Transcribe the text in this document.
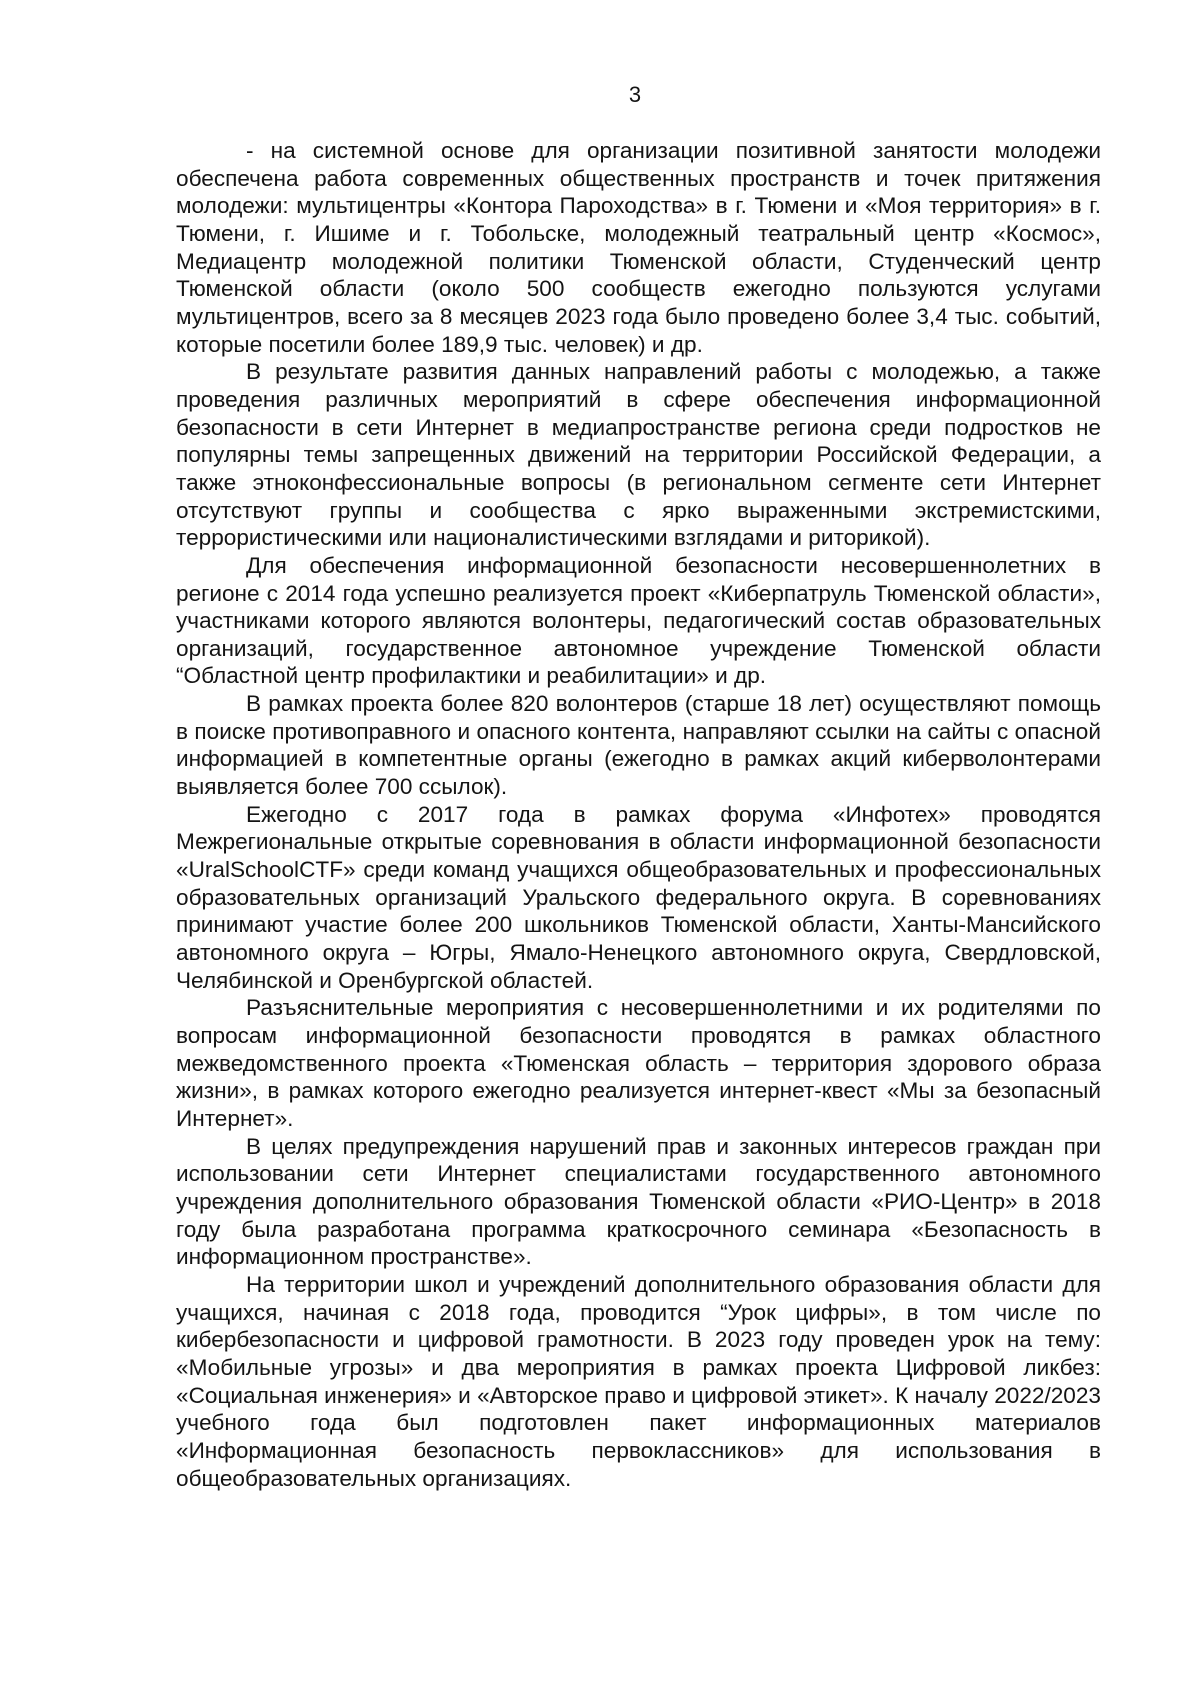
3

- на системной основе для организации позитивной занятости молодежи обеспечена работа современных общественных пространств и точек притяжения молодежи: мультицентры «Контора Пароходства» в г. Тюмени и «Моя территория» в г. Тюмени, г. Ишиме и г. Тобольске, молодежный театральный центр «Космос», Медиацентр молодежной политики Тюменской области, Студенческий центр Тюменской области (около 500 сообществ ежегодно пользуются услугами мультицентров, всего за 8 месяцев 2023 года было проведено более 3,4 тыс. событий, которые посетили более 189,9 тыс. человек) и др.

В результате развития данных направлений работы с молодежью, а также проведения различных мероприятий в сфере обеспечения информационной безопасности в сети Интернет в медиапространстве региона среди подростков не популярны темы запрещенных движений на территории Российской Федерации, а также этноконфессиональные вопросы (в региональном сегменте сети Интернет отсутствуют группы и сообщества с ярко выраженными экстремистскими, террористическими или националистическими взглядами и риторикой).

Для обеспечения информационной безопасности несовершеннолетних в регионе с 2014 года успешно реализуется проект «Киберпатруль Тюменской области», участниками которого являются волонтеры, педагогический состав образовательных организаций, государственное автономное учреждение Тюменской области “Областной центр профилактики и реабилитации» и др.

В рамках проекта более 820 волонтеров (старше 18 лет) осуществляют помощь в поиске противоправного и опасного контента, направляют ссылки на сайты с опасной информацией в компетентные органы (ежегодно в рамках акций киберволонтерами выявляется более 700 ссылок).

Ежегодно с 2017 года в рамках форума «Инфотех» проводятся Межрегиональные открытые соревнования в области информационной безопасности «UralSchoolCTF» среди команд учащихся общеобразовательных и профессиональных образовательных организаций Уральского федерального округа. В соревнованиях принимают участие более 200 школьников Тюменской области, Ханты-Мансийского автономного округа – Югры, Ямало-Ненецкого автономного округа, Свердловской, Челябинской и Оренбургской областей.

Разъяснительные мероприятия с несовершеннолетними и их родителями по вопросам информационной безопасности проводятся в рамках областного межведомственного проекта «Тюменская область – территория здорового образа жизни», в рамках которого ежегодно реализуется интернет-квест «Мы за безопасный Интернет».

В целях предупреждения нарушений прав и законных интересов граждан при использовании сети Интернет специалистами государственного автономного учреждения дополнительного образования Тюменской области «РИО-Центр» в 2018 году была разработана программа краткосрочного семинара «Безопасность в информационном пространстве».

На территории школ и учреждений дополнительного образования области для учащихся, начиная с 2018 года, проводится “Урок цифры», в том числе по кибербезопасности и цифровой грамотности. В 2023 году проведен урок на тему: «Мобильные угрозы» и два мероприятия в рамках проекта Цифровой ликбез: «Социальная инженерия» и «Авторское право и цифровой этикет». К началу 2022/2023 учебного года был подготовлен пакет информационных материалов «Информационная безопасность первоклассников» для использования в общеобразовательных организациях.
